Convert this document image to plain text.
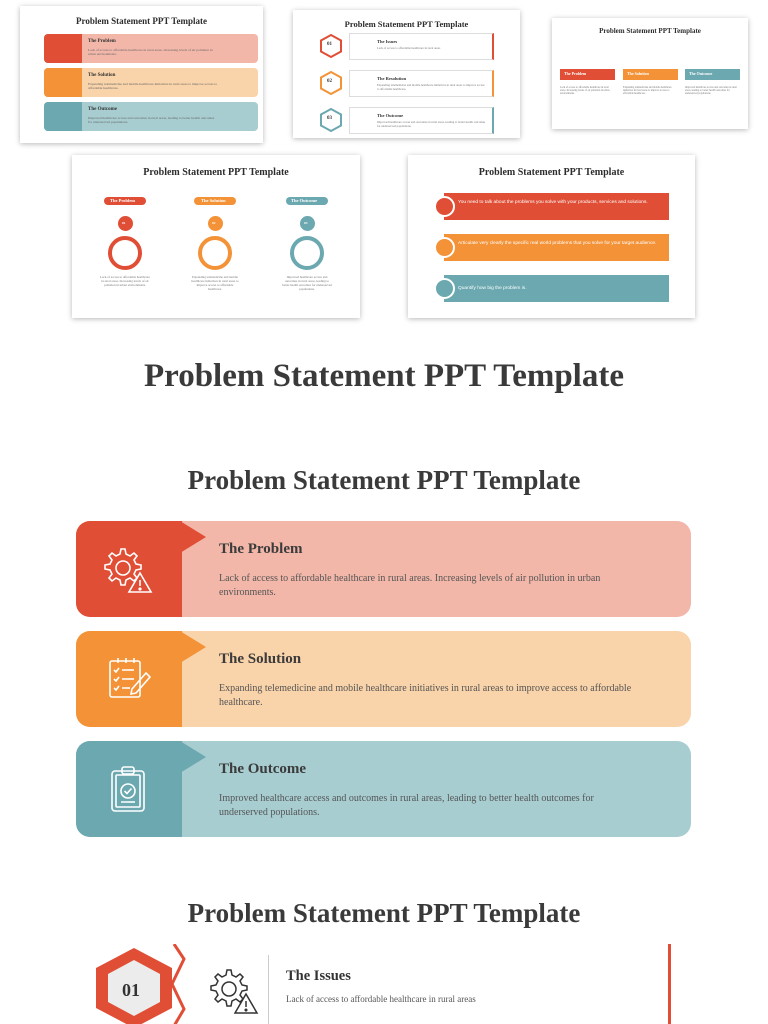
Problem Statement PPT Template
The Problem
Lack of access to affordable healthcare in rural areas. Increasing levels of air pollution in urban environments.
The Solution
Expanding telemedicine and mobile healthcare initiatives in rural areas to improve access to affordable healthcare.
The Outcome
Improved healthcare access and outcomes in rural areas, leading to better health outcomes for underserved populations.
Problem Statement PPT Template
01
The Issues
Lack of access to affordable healthcare in rural areas
02
The Resolution
Expanding telemedicine and mobile healthcare initiatives in rural areas to improve access to affordable healthcare.
03
The Outcome
Improved healthcare access and outcomes in rural areas, leading to better health outcomes for underserved populations.
Problem Statement PPT Template
The Problem
Lack of access to affordable healthcare in rural areas. Increasing levels of air pollution in urban environments.
The Solution
Expanding telemedicine and mobile healthcare initiatives in rural areas to improve access to affordable healthcare.
The Outcome
Improved healthcare access and outcomes in rural areas, leading to better health outcomes for underserved populations.
Problem Statement PPT Template
The Problem
01
Lack of access to affordable healthcare in rural areas. Increasing levels of air pollution in urban environments.
The Solution
02
Expanding telemedicine and mobile healthcare initiatives in rural areas to improve access to affordable healthcare.
The Outcome
03
Improved healthcare access and outcomes in rural areas, leading to better health outcomes for underserved populations.
Problem Statement PPT Template
You need to talk about the problems you solve with your products, services and solutions.
Articulate very clearly the specific real world problems that you solve for your target audience.
Quantify how big the problem is.
Problem Statement PPT Template
Problem Statement PPT Template
The Problem
Lack of access to affordable healthcare in rural areas. Increasing levels of air pollution in urban environments.
The Solution
Expanding telemedicine and mobile healthcare initiatives in rural areas to improve access to affordable healthcare.
The Outcome
Improved healthcare access and outcomes in rural areas, leading to better health outcomes for underserved populations.
Problem Statement PPT Template
01
The Issues
Lack of access to affordable healthcare in rural areas
